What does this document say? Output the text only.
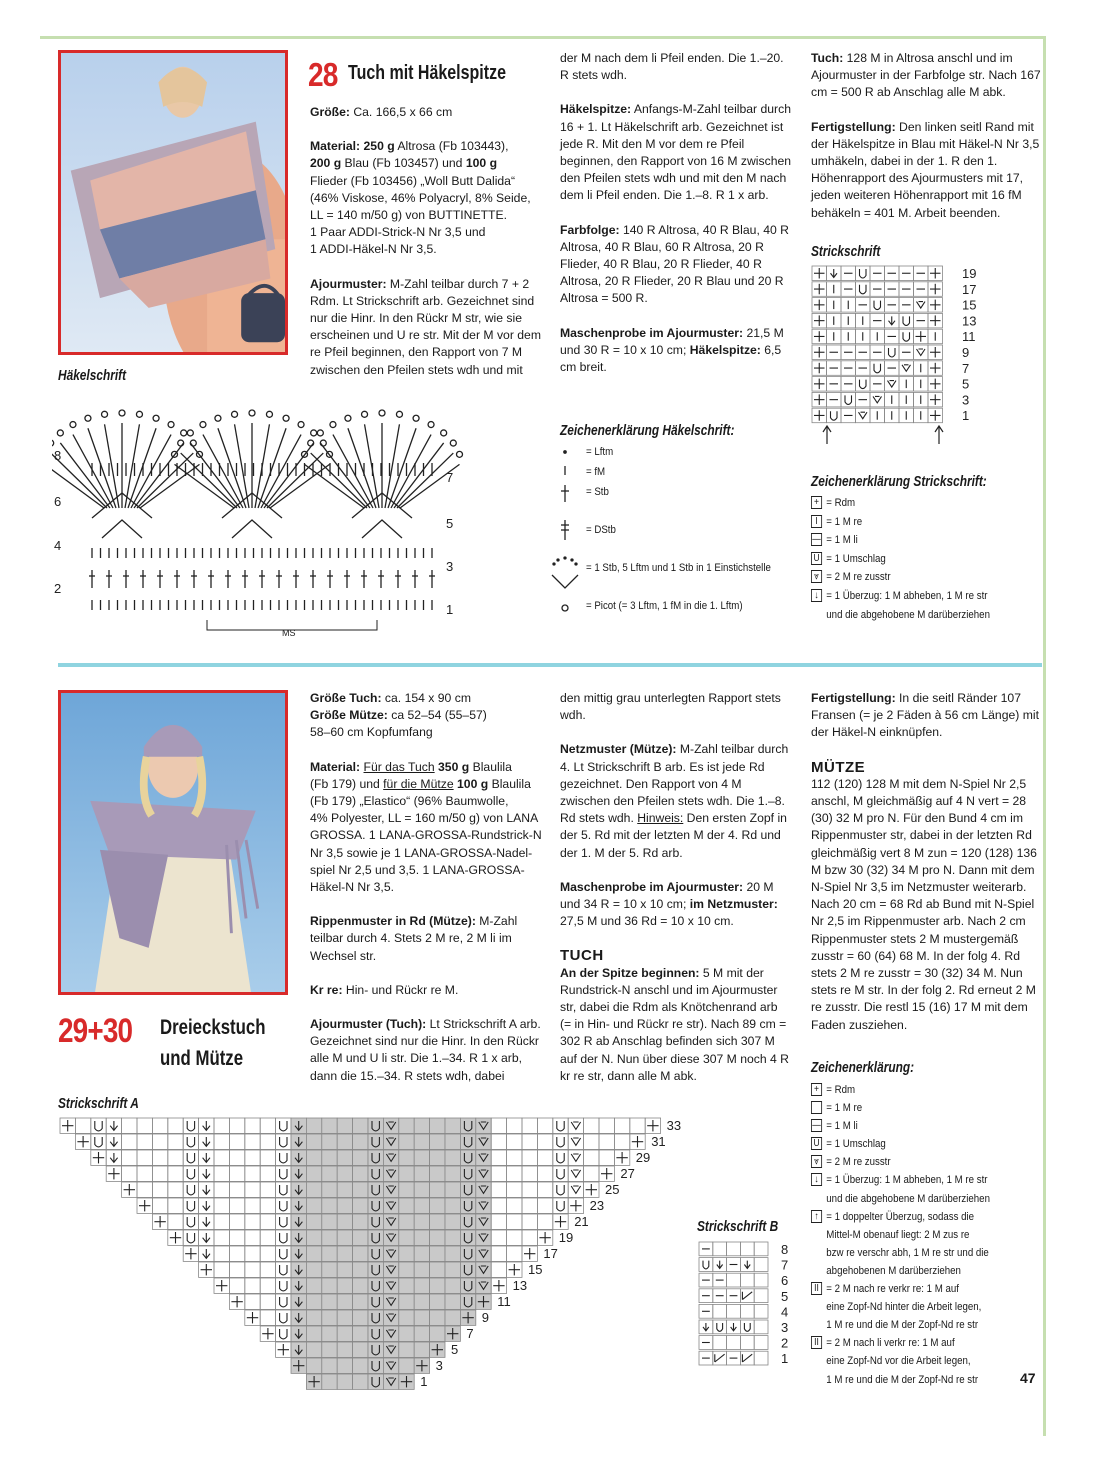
28 Tuch mit Häkelspitze

Größe: Ca. 166,5 x 66 cm

Material: 250 g Altrosa (Fb 103443),
200 g Blau (Fb 103457) und 100 g
Flieder (Fb 103456) „Woll Butt Dalida“
(46% Viskose, 46% Polyacryl, 8% Seide,
LL = 140 m/50 g) von BUTTINETTE.
1 Paar ADDI-Strick-N Nr 3,5 und
1 ADDI-Häkel-N Nr 3,5.

Ajourmuster: M-Zahl teilbar durch 7 + 2 Rdm. Lt Strickschrift arb. Gezeichnet sind nur die Hinr. In den Rückr M str, wie sie erscheinen und U re str. Mit der M vor dem re Pfeil beginnen, den Rapport von 7 M zwischen den Pfeilen stets wdh und mit

der M nach dem li Pfeil enden. Die 1.–20. R stets wdh.

Häkelspitze: Anfangs-M-Zahl teilbar durch 16 + 1. Lt Häkelschrift arb. Gezeichnet ist jede R. Mit den M vor dem re Pfeil beginnen, den Rapport von 16 M zwischen den Pfeilen stets wdh und mit den M nach dem li Pfeil enden. Die 1.–8. R 1 x arb.

Farbfolge: 140 R Altrosa, 40 R Blau, 40 R Altrosa, 40 R Blau, 60 R Altrosa, 20 R Flieder, 40 R Blau, 20 R Flieder, 40 R Altrosa, 20 R Flieder, 20 R Blau und 20 R Altrosa = 500 R.

Maschenprobe im Ajourmuster: 21,5 M und 30 R = 10 x 10 cm; Häkelspitze: 6,5 cm breit.

Tuch: 128 M in Altrosa anschl und im Ajourmuster in der Farbfolge str. Nach 167 cm = 500 R ab Anschlag alle M abk.

Fertigstellung: Den linken seitl Rand mit der Häkelspitze in Blau mit Häkel-N Nr 3,5 umhäkeln, dabei in der 1. R den 1. Höhenrapport des Ajourmusters mit 17, jeden weiteren Höhenrapport mit 16 fM behäkeln = 401 M. Arbeit beenden.

Häkelschrift
8
6
4
2
7
5
3
1
MS
Zeichenerklärung Häkelschrift:
= Lftm
= fM
= Stb
= DStb
= 1 Stb, 5 Lftm und 1 Stb in 1 Einstichstelle
= Picot (= 3 Lftm, 1 fM in die 1. Lftm)
Strickschrift
19
17
15
13
11
9
7
5
3
1
Zeichenerklärung Strickschrift:
+ = Rdm
I = 1 M re
— = 1 M li
U = 1 Umschlag
⩔ = 2 M re zusstr
↓ = 1 Überzug: 1 M abheben, 1 M re str
und die abgehobene M darüberziehen
29+30 Dreieckstuch
und Mütze

Größe Tuch: ca. 154 x 90 cm
Größe Mütze: ca 52–54 (55–57)
58–60 cm Kopfumfang

Material: Für das Tuch 350 g Blaulila
(Fb 179) und für die Mütze 100 g Blaulila
(Fb 179) „Elastico“ (96% Baumwolle,
4% Polyester, LL = 160 m/50 g) von LANA
GROSSA. 1 LANA-GROSSA-Rundstrick-N
Nr 3,5 sowie je 1 LANA-GROSSA-Nadel-
spiel Nr 2,5 und 3,5. 1 LANA-GROSSA-
Häkel-N Nr 3,5.

Rippenmuster in Rd (Mütze): M-Zahl teilbar durch 4. Stets 2 M re, 2 M li im Wechsel str.

Kr re: Hin- und Rückr re M.

Ajourmuster (Tuch): Lt Strickschrift A arb. Gezeichnet sind nur die Hinr. In den Rückr alle M und U li str. Die 1.–34. R 1 x arb, dann die 15.–34. R stets wdh, dabei

den mittig grau unterlegten Rapport stets wdh.

Netzmuster (Mütze): M-Zahl teilbar durch 4. Lt Strickschrift B arb. Es ist jede Rd gezeichnet. Den Rapport von 4 M zwischen den Pfeilen stets wdh. Die 1.–8. Rd stets wdh. Hinweis: Den ersten Zopf in der 5. Rd mit der letzten M der 4. Rd und der 1. M der 5. Rd arb.

Maschenprobe im Ajourmuster: 20 M und 34 R = 10 x 10 cm; im Netzmuster: 27,5 M und 36 Rd = 10 x 10 cm.

TUCH

An der Spitze beginnen: 5 M mit der Rundstrick-N anschl und im Ajourmuster str, dabei die Rdm als Knötchenrand arb (= in Hin- und Rückr re str). Nach 89 cm = 302 R ab Anschlag befinden sich 307 M auf der N. Nun über diese 307 M noch 4 R kr re str, dann alle M abk.

Fertigstellung: In die seitl Ränder 107 Fransen (= je 2 Fäden à 56 cm Länge) mit der Häkel-N einknüpfen.

MÜTZE

112 (120) 128 M mit dem N-Spiel Nr 2,5 anschl, M gleichmäßig auf 4 N vert = 28 (30) 32 M pro N. Für den Bund 4 cm im Rippenmuster str, dabei in der letzten Rd gleichmäßig vert 8 M zun = 120 (128) 136 M bzw 30 (32) 34 M pro N. Dann mit dem N-Spiel Nr 3,5 im Netzmuster weiterarb. Nach 20 cm = 68 Rd ab Bund mit N-Spiel Nr 2,5 im Rippenmuster arb. Nach 2 cm Rippenmuster stets 2 M mustergemäß zusstr = 60 (64) 68 M. In der folg 4. Rd stets 2 M re zusstr = 30 (32) 34 M. Nun stets re M str. In der folg 2. Rd erneut 2 M re zusstr. Die restl 15 (16) 17 M mit dem Faden zusziehen.

Strickschrift A
33
31
29
27
25
23
21
19
17
15
13
11
9
7
5
3
1
Strickschrift B
8
7
6
5
4
3
2
1
Zeichenerklärung:
+ = Rdm
= 1 M re
— = 1 M li
U = 1 Umschlag
⩔ = 2 M re zusstr
↓ = 1 Überzug: 1 M abheben, 1 M re str
und die abgehobene M darüberziehen
↑ = 1 doppelter Überzug, sodass die
Mittel-M obenauf liegt: 2 M zus re
bzw re verschr abh, 1 M re str und die
abgehobenen M darüberziehen
II = 2 M nach re verkr re: 1 M auf
eine Zopf-Nd hinter die Arbeit legen,
1 M re und die M der Zopf-Nd re str
II = 2 M nach li verkr re: 1 M auf
eine Zopf-Nd vor die Arbeit legen,
1 M re und die M der Zopf-Nd re str	47
